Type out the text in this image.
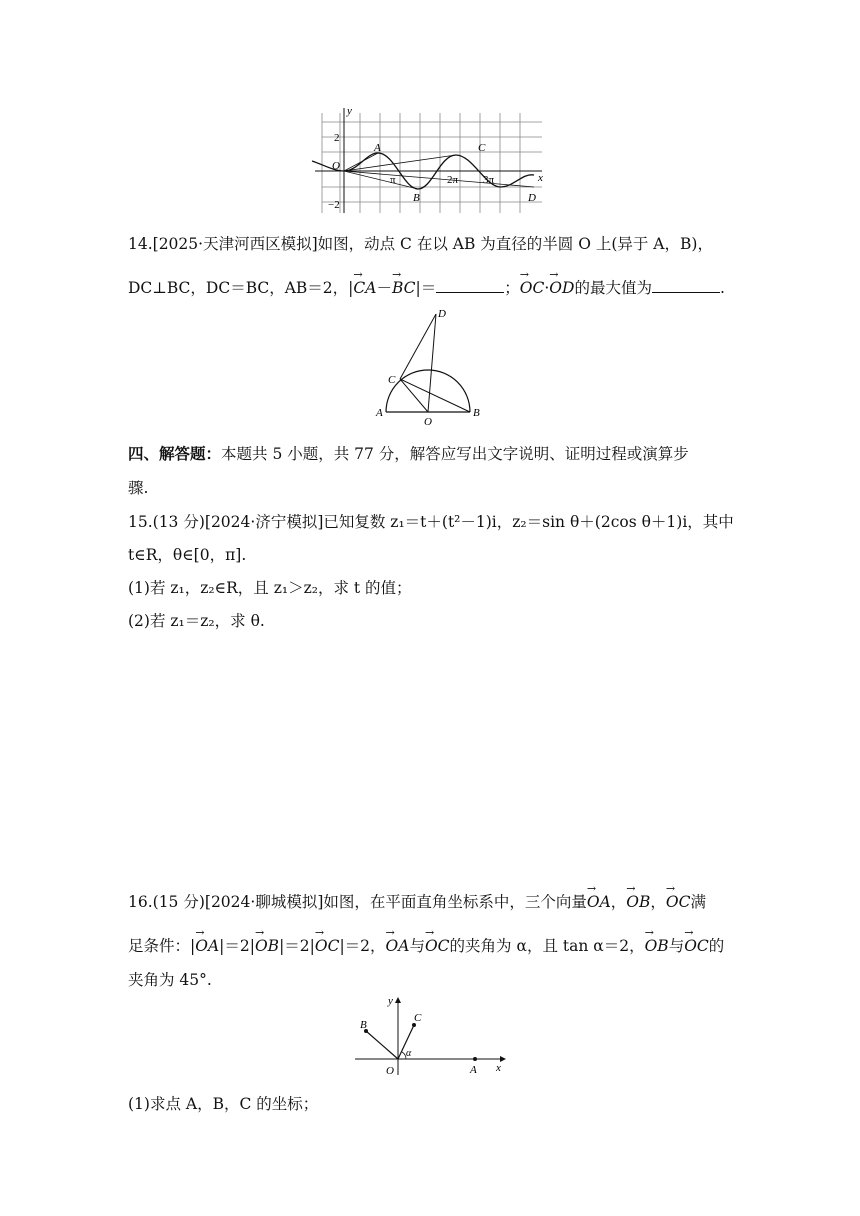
y
x
2
−2
O
A
B
C
D
π	2π 3π
14.[2025·天津河西区模拟]如图，动点 C 在以 AB 为直径的半圆 O 上(异于 A，B)，
DC⊥BC，DC＝BC，AB＝2，|→ CA－→ BC|＝	；→ OC·→ OD的最大值为	.
A	B
C
D
O
四、解答题：本题共 5 小题，共 77 分，解答应写出文字说明、证明过程或演算步
骤.
15.(13 分)[2024·济宁模拟]已知复数 z₁＝t＋(t²－1)i，z₂＝sin θ＋(2cos θ＋1)i，其中
t∈R，θ∈[0，π].
(1)若 z₁，z₂∈R，且 z₁＞z₂，求 t 的值；
(2)若 z₁＝z₂，求 θ.
16.(15 分)[2024·聊城模拟]如图，在平面直角坐标系中，三个向量→ OA，→ OB，→ OC满
足条件：|→ OA|＝2|→ OB|＝2|→ OC|＝2，→ OA与→ OC的夹角为 α，且 tan α＝2，→ OB与→ OC的
夹角为 45°.
y
x
O	A
B
C
α
(1)求点 A，B，C 的坐标；
